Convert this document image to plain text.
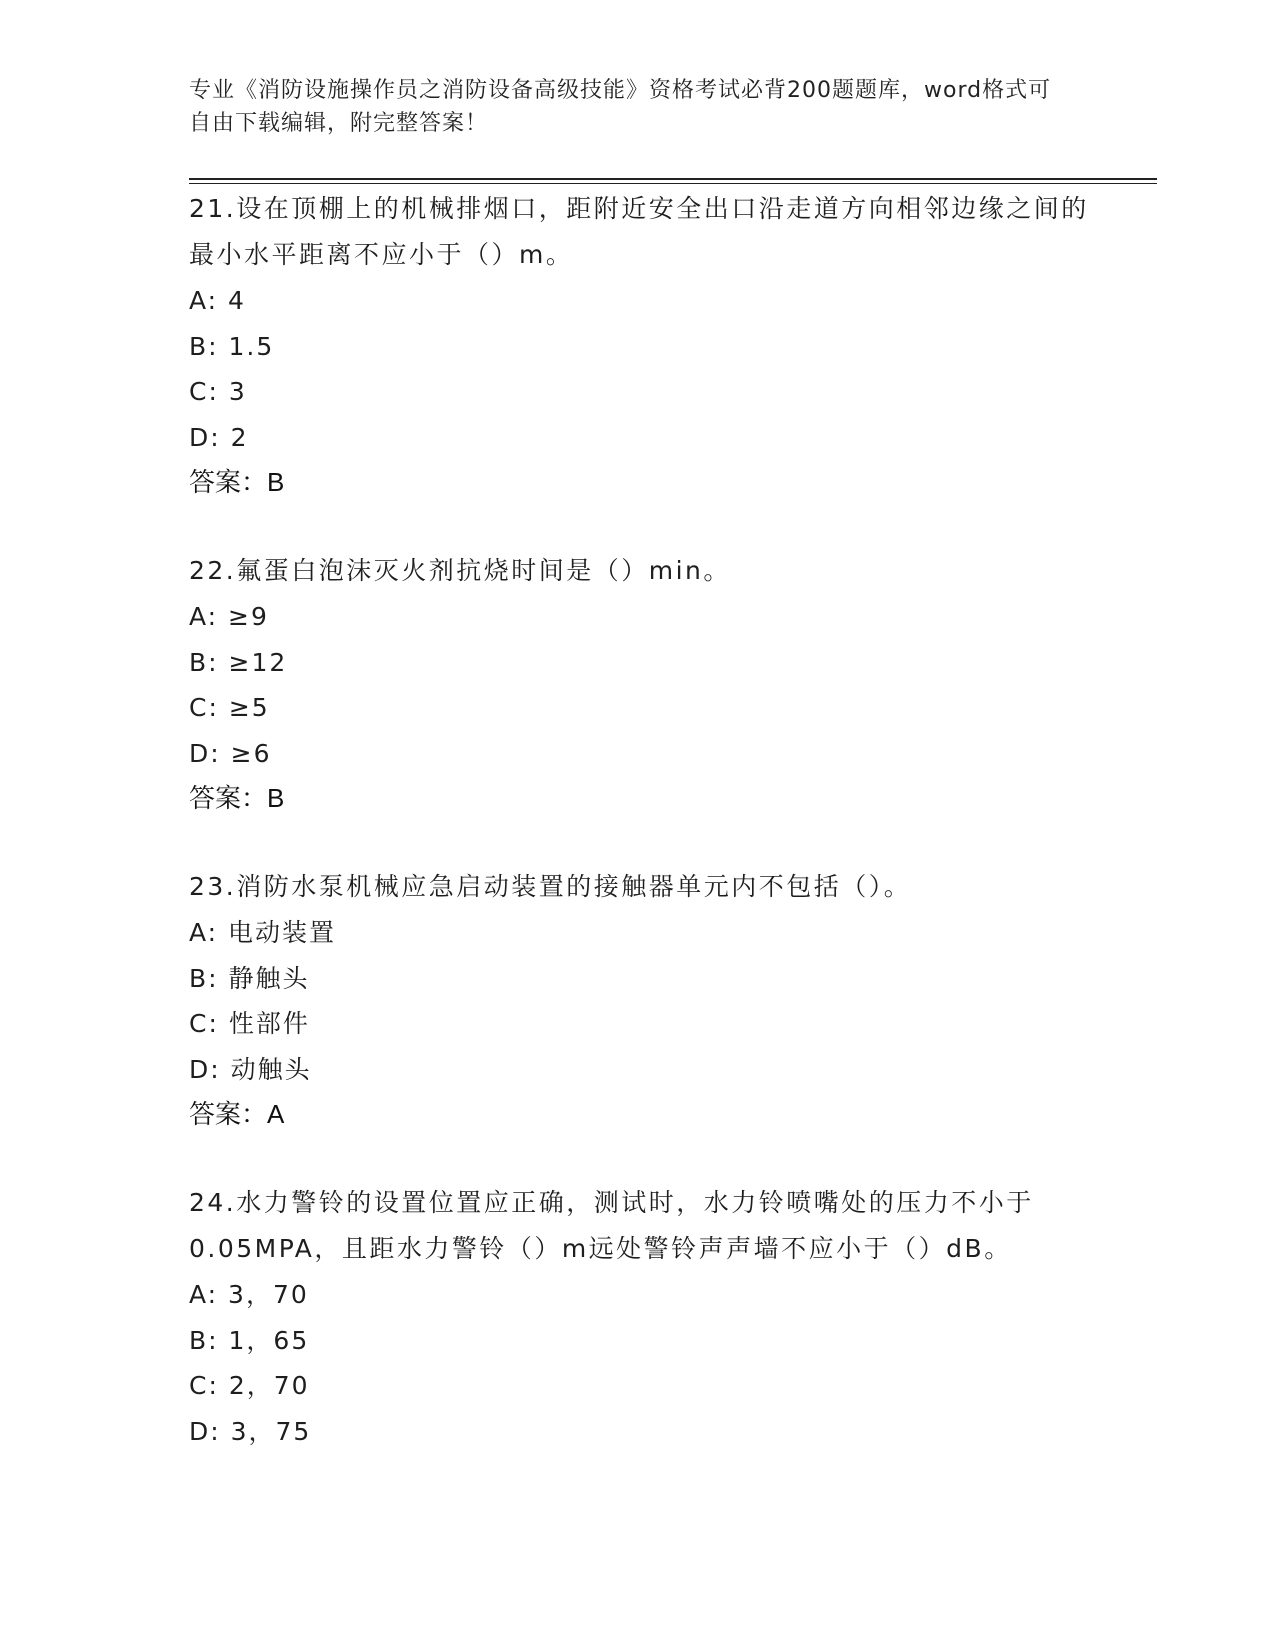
专业《消防设施操作员之消防设备高级技能》资格考试必背200题题库，word格式可自由下载编辑，附完整答案！

21.设在顶棚上的机械排烟口，距附近安全出口沿走道方向相邻边缘之间的最小水平距离不应小于（）m。

A: 4

B: 1.5

C: 3

D: 2

答案：B

22.氟蛋白泡沫灭火剂抗烧时间是（）min。

A: ≥9

B: ≥12

C: ≥5

D: ≥6

答案：B

23.消防水泵机械应急启动装置的接触器单元内不包括（）。

A: 电动装置

B: 静触头

C: 性部件

D: 动触头

答案：A

24.水力警铃的设置位置应正确，测试时，水力铃喷嘴处的压力不小于0.05MPA，且距水力警铃（）m远处警铃声声墙不应小于（）dB。

A: 3，70

B: 1，65

C: 2，70

D: 3，75
